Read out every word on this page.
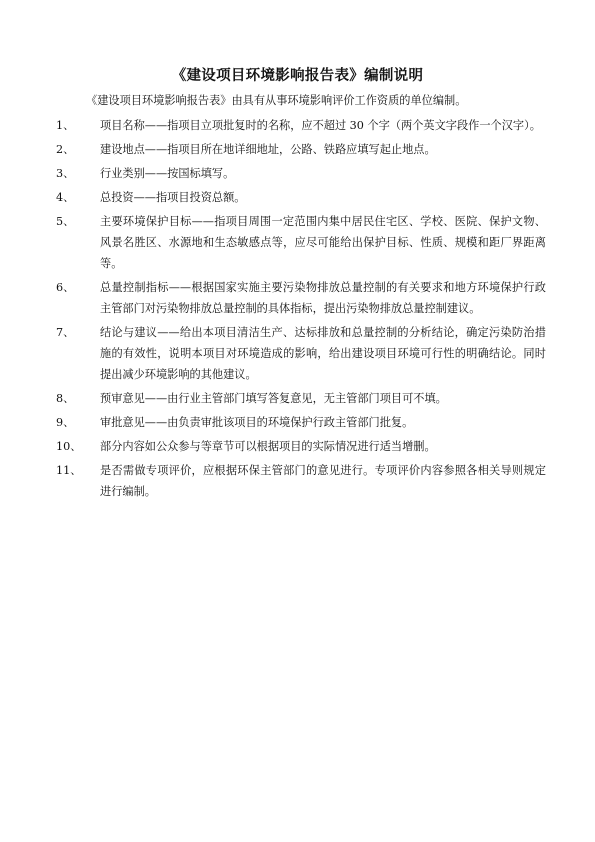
《建设项目环境影响报告表》编制说明
《建设项目环境影响报告表》由具有从事环境影响评价工作资质的单位编制。
1、	项目名称——指项目立项批复时的名称，应不超过 30 个字（两个英文字段作一个汉字）。
2、	建设地点——指项目所在地详细地址，公路、铁路应填写起止地点。
3、	行业类别——按国标填写。
4、	总投资——指项目投资总额。
5、	主要环境保护目标——指项目周围一定范围内集中居民住宅区、学校、医院、保护文物、风景名胜区、水源地和生态敏感点等，应尽可能给出保护目标、性质、规模和距厂界距离等。
6、	总量控制指标——根据国家实施主要污染物排放总量控制的有关要求和地方环境保护行政主管部门对污染物排放总量控制的具体指标，提出污染物排放总量控制建议。
7、	结论与建议——给出本项目清洁生产、达标排放和总量控制的分析结论，确定污染防治措施的有效性，说明本项目对环境造成的影响，给出建设项目环境可行性的明确结论。同时提出减少环境影响的其他建议。
8、	预审意见——由行业主管部门填写答复意见，无主管部门项目可不填。
9、	审批意见——由负责审批该项目的环境保护行政主管部门批复。
10、	部分内容如公众参与等章节可以根据项目的实际情况进行适当增删。
11、	是否需做专项评价，应根据环保主管部门的意见进行。专项评价内容参照各相关导则规定进行编制。
